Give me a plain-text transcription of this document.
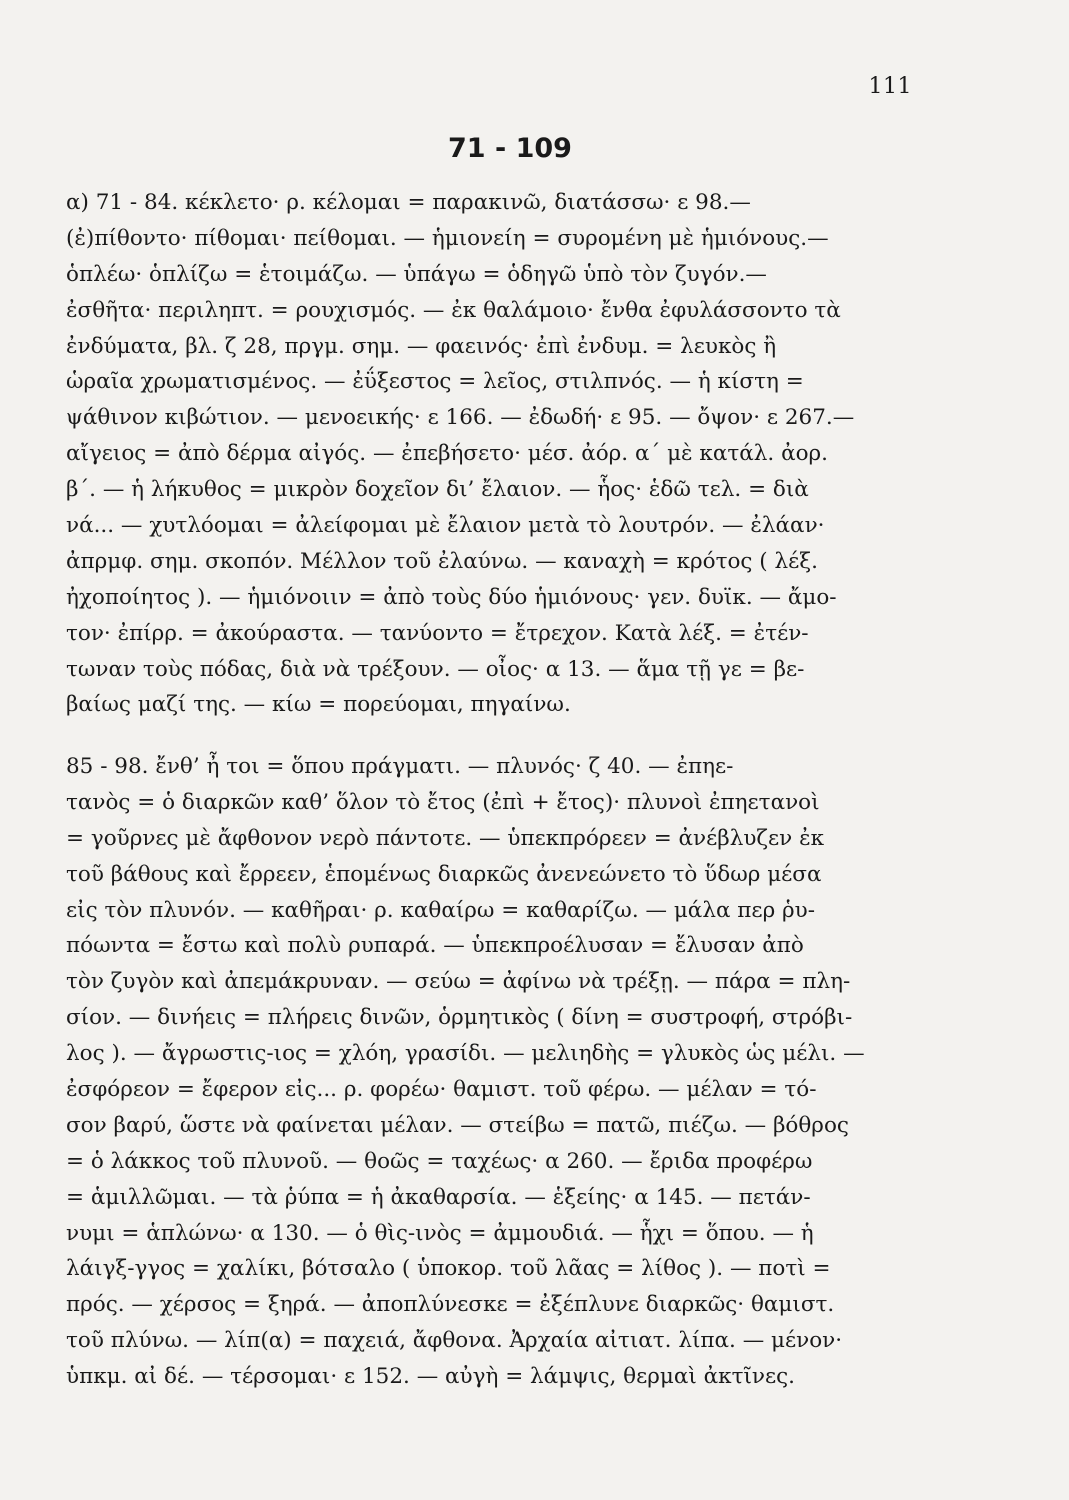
111
71 - 109
α) 71 - 84. κέκλετο· ρ. κέλομαι = παρακινῶ, διατάσσω· ε 98.—
(ἐ)πίθοντο· πίθομαι· πείθομαι. — ἡμιονείη = συρομένη μὲ ἡμιόνους.—
ὁπλέω· ὁπλίζω = ἑτοιμάζω. — ὑπάγω = ὁδηγῶ ὑπὸ τὸν ζυγόν.—
ἐσθῆτα· περιληπτ. = ρουχισμός. — ἐκ θαλάμοιο· ἔνθα ἐφυλάσσοντο τὰ
ἐνδύματα, βλ. ζ 28, πργμ. σημ. — φαεινός· ἐπὶ ἐνδυμ. = λευκὸς ἢ
ὡραῖα χρωματισμένος. — ἐΰξεστος = λεῖος, στιλπνός. — ἡ κίστη =
ψάθινον κιβώτιον. — μενοεικής· ε 166. — ἐδωδή· ε 95. — ὄψον· ε 267.—
αἴγειος = ἀπὸ δέρμα αἰγός. — ἐπεβήσετο· μέσ. ἀόρ. α΄ μὲ κατάλ. ἀορ.
β΄. — ἡ λήκυθος = μικρὸν δοχεῖον δι’ ἔλαιον. — ἧος· ἑδῶ τελ. = διὰ
νά... — χυτλόομαι = ἀλείφομαι μὲ ἔλαιον μετὰ τὸ λουτρόν. — ἐλάαν·
ἀπρμφ. σημ. σκοπόν. Μέλλον τοῦ ἐλαύνω. — καναχὴ = κρότος ( λέξ.
ἠχοποίητος ). — ἡμιόνοιιν = ἀπὸ τοὺς δύο ἡμιόνους· γεν. δυϊκ. — ἄμο-
τον· ἐπίρρ. = ἀκούραστα. — τανύοντο = ἔτρεχον. Κατὰ λέξ. = ἐτέν-
τωναν τοὺς πόδας, διὰ νὰ τρέξουν. — οἶος· α 13. — ἅμα τῇ γε = βε-
βαίως μαζί της. — κίω = πορεύομαι, πηγαίνω.
85 - 98. ἔνθ’ ἦ τοι = ὅπου πράγματι. — πλυνός· ζ 40. — ἐπηε-
τανὸς = ὁ διαρκῶν καθ’ ὅλον τὸ ἔτος (ἐπὶ + ἔτος)· πλυνοὶ ἐπηετανοὶ
= γοῦρνες μὲ ἄφθονον νερὸ πάντοτε. — ὑπεκπρόρεεν = ἀνέβλυζεν ἐκ
τοῦ βάθους καὶ ἔρρεεν, ἑπομένως διαρκῶς ἀνενεώνετο τὸ ὕδωρ μέσα
εἰς τὸν πλυνόν. — καθῆραι· ρ. καθαίρω = καθαρίζω. — μάλα περ ῥυ-
πόωντα = ἔστω καὶ πολὺ ρυπαρά. — ὑπεκπροέλυσαν = ἔλυσαν ἀπὸ
τὸν ζυγὸν καὶ ἀπεμάκρυναν. — σεύω = ἀφίνω νὰ τρέξῃ. — πάρα = πλη-
σίον. — δινήεις = πλήρεις δινῶν, ὁρμητικὸς ( δίνη = συστροφή, στρόβι-
λος ). — ἄγρωστις-ιος = χλόη, γρασίδι. — μελιηδὴς = γλυκὸς ὡς μέλι. —
ἐσφόρεον = ἔφερον εἰς... ρ. φορέω· θαμιστ. τοῦ φέρω. — μέλαν = τό-
σον βαρύ, ὥστε νὰ φαίνεται μέλαν. — στείβω = πατῶ, πιέζω. — βόθρος
= ὁ λάκκος τοῦ πλυνοῦ. — θοῶς = ταχέως· α 260. — ἔριδα προφέρω
= ἁμιλλῶμαι. — τὰ ῥύπα = ἡ ἀκαθαρσία. — ἑξείης· α 145. — πετάν-
νυμι = ἁπλώνω· α 130. — ὁ θὶς-ινὸς = ἀμμουδιά. — ἧχι = ὅπου. — ἡ
λάιγξ-γγος = χαλίκι, βότσαλο ( ὑποκορ. τοῦ λᾶας = λίθος ). — ποτὶ =
πρός. — χέρσος = ξηρά. — ἀποπλύνεσκε = ἐξέπλυνε διαρκῶς· θαμιστ.
τοῦ πλύνω. — λίπ(α) = παχειά, ἄφθονα. Ἀρχαία αἰτιατ. λίπα. — μένον·
ὑπκμ. αἰ δέ. — τέρσομαι· ε 152. — αὐγὴ = λάμψις, θερμαὶ ἀκτῖνες.
